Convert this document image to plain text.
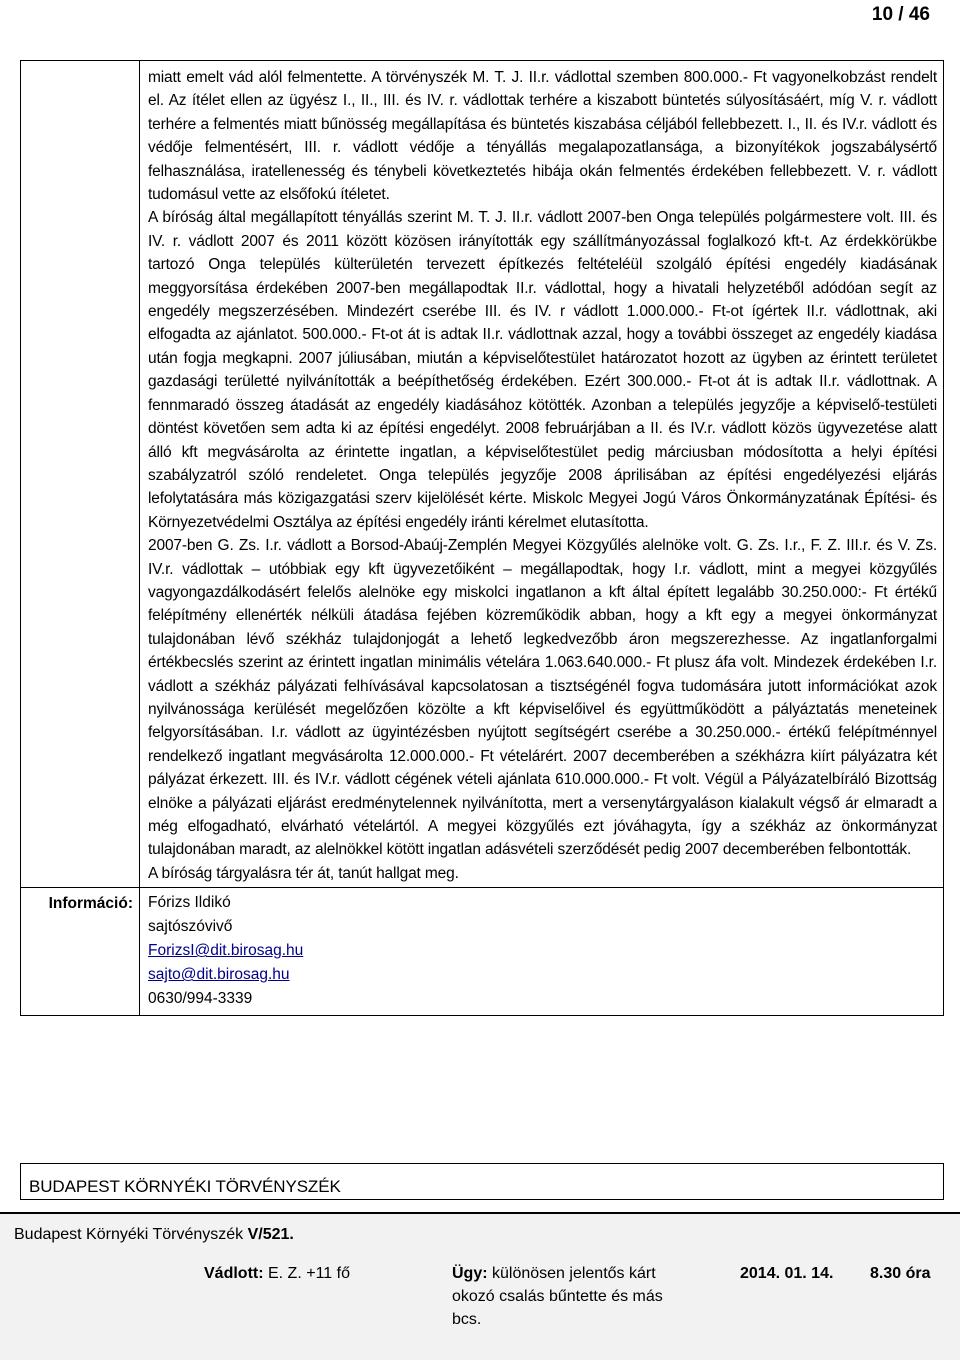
10 / 46

	miatt emelt vád alól felmentette. A törvényszék M. T. J. II.r. vádlottal szemben 800.000.- Ft vagyonelkobzást rendelt el. Az ítélet ellen az ügyész I., II., III. és IV. r. vádlottak terhére a kiszabott büntetés súlyosításáért, míg V. r. vádlott terhére a felmentés miatt bűnösség megállapítása és büntetés kiszabása céljából fellebbezett. I., II. és IV.r. vádlott és védője felmentésért, III. r. vádlott védője a tényállás megalapozatlansága, a bizonyítékok jogszabálysértő felhasználása, iratellenesség és ténybeli következtetés hibája okán felmentés érdekében fellebbezett. V. r. vádlott tudomásul vette az elsőfokú ítéletet.

A bíróság által megállapított tényállás szerint M. T. J. II.r. vádlott 2007-ben Onga település polgármestere volt. III. és IV. r. vádlott 2007 és 2011 között közösen irányították egy szállítmányozással foglalkozó kft-t. Az érdekkörükbe tartozó Onga település külterületén tervezett építkezés feltételéül szolgáló építési engedély kiadásának meggyorsítása érdekében 2007-ben megállapodtak II.r. vádlottal, hogy a hivatali helyzetéből adódóan segít az engedély megszerzésében. Mindezért cserébe III. és IV. r vádlott 1.000.000.- Ft-ot ígértek II.r. vádlottnak, aki elfogadta az ajánlatot. 500.000.- Ft-ot át is adtak II.r. vádlottnak azzal, hogy a további összeget az engedély kiadása után fogja megkapni. 2007 júliusában, miután a képviselőtestület határozatot hozott az ügyben az érintett területet gazdasági területté nyilvánították a beépíthetőség érdekében. Ezért 300.000.- Ft-ot át is adtak II.r. vádlottnak. A fennmaradó összeg átadását az engedély kiadásához kötötték. Azonban a település jegyzője a képviselő-testületi döntést követően sem adta ki az építési engedélyt. 2008 februárjában a II. és IV.r. vádlott közös ügyvezetése alatt álló kft megvásárolta az érintette ingatlan, a képviselőtestület pedig márciusban módosította a helyi építési szabályzatról szóló rendeletet. Onga település jegyzője 2008 áprilisában az építési engedélyezési eljárás lefolytatására más közigazgatási szerv kijelölését kérte. Miskolc Megyei Jogú Város Önkormányzatának Építési- és Környezetvédelmi Osztálya az építési engedély iránti kérelmet elutasította.

2007-ben G. Zs. I.r. vádlott a Borsod-Abaúj-Zemplén Megyei Közgyűlés alelnöke volt. G. Zs. I.r., F. Z. III.r. és V. Zs. IV.r. vádlottak – utóbbiak egy kft ügyvezetőiként – megállapodtak, hogy I.r. vádlott, mint a megyei közgyűlés vagyongazdálkodásért felelős alelnöke egy miskolci ingatlanon a kft által épített legalább 30.250.000:- Ft értékű felépítmény ellenérték nélküli átadása fejében közreműködik abban, hogy a kft egy a megyei önkormányzat tulajdonában lévő székház tulajdonjogát a lehető legkedvezőbb áron megszerezhesse. Az ingatlanforgalmi értékbecslés szerint az érintett ingatlan minimális vételára 1.063.640.000.- Ft plusz áfa volt. Mindezek érdekében I.r. vádlott a székház pályázati felhívásával kapcsolatosan a tisztségénél fogva tudomására jutott információkat azok nyilvánossága kerülését megelőzően közölte a kft képviselőivel és együttműködött a pályáztatás meneteinek felgyorsításában. I.r. vádlott az ügyintézésben nyújtott segítségért cserébe a 30.250.000.- értékű felépítménnyel rendelkező ingatlant megvásárolta 12.000.000.- Ft vételárért. 2007 decemberében a székházra kiírt pályázatra két pályázat érkezett. III. és IV.r. vádlott cégének vételi ajánlata 610.000.000.- Ft volt. Végül a Pályázatelbíráló Bizottság elnöke a pályázati eljárást eredménytelennek nyilvánította, mert a versenytárgyaláson kialakult végső ár elmaradt a még elfogadható, elvárható vételártól. A megyei közgyűlés ezt jóváhagyta, így a székház az önkormányzat tulajdonában maradt, az alelnökkel kötött ingatlan adásvételi szerződését pedig 2007 decemberében felbontották.

A bíróság tárgyalásra tér át, tanút hallgat meg.

Információ:	Fórizs Ildikó
sajtószóvivő
ForizsI@dit.birosag.hu
sajto@dit.birosag.hu
0630/994-3339
BUDAPEST KÖRNYÉKI TÖRVÉNYSZÉK
Budapest Környéki Törvényszék V/521.
Vádlott: E. Z. +11 fő	Ügy: különösen jelentős kárt okozó csalás bűntette és más bcs.
2014. 01. 14. 8.30 óra
